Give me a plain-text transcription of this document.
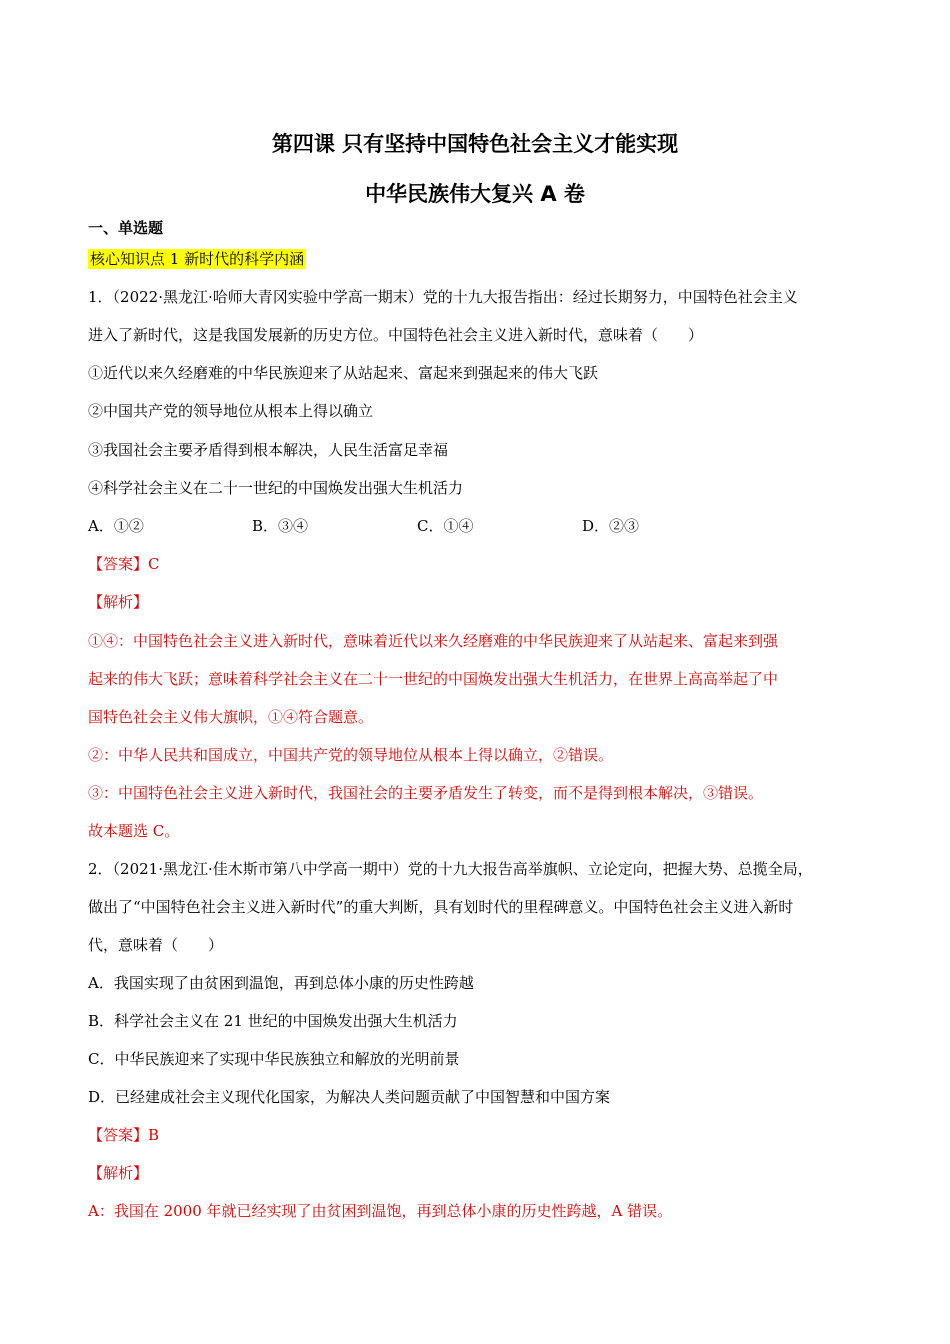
第四课 只有坚持中国特色社会主义才能实现
中华民族伟大复兴 A 卷
一、单选题
核心知识点 1 新时代的科学内涵
1．（2022·黑龙江·哈师大青冈实验中学高一期末）党的十九大报告指出：经过长期努力，中国特色社会主义
进入了新时代，这是我国发展新的历史方位。中国特色社会主义进入新时代，意味着（　　）
①近代以来久经磨难的中华民族迎来了从站起来、富起来到强起来的伟大飞跃
②中国共产党的领导地位从根本上得以确立
③我国社会主要矛盾得到根本解决，人民生活富足幸福
④科学社会主义在二十一世纪的中国焕发出强大生机活力
A．①②	B．③④	C．①④	D．②③
【答案】C
【解析】
①④：中国特色社会主义进入新时代，意味着近代以来久经磨难的中华民族迎来了从站起来、富起来到强
起来的伟大飞跃；意味着科学社会主义在二十一世纪的中国焕发出强大生机活力，在世界上高高举起了中
国特色社会主义伟大旗帜，①④符合题意。
②：中华人民共和国成立，中国共产党的领导地位从根本上得以确立，②错误。
③：中国特色社会主义进入新时代，我国社会的主要矛盾发生了转变，而不是得到根本解决，③错误。
故本题选 C。
2．（2021·黑龙江·佳木斯市第八中学高一期中）党的十九大报告高举旗帜、立论定向，把握大势、总揽全局，
做出了“中国特色社会主义进入新时代”的重大判断，具有划时代的里程碑意义。中国特色社会主义进入新时
代，意味着（　　）
A．我国实现了由贫困到温饱，再到总体小康的历史性跨越
B．科学社会主义在 21 世纪的中国焕发出强大生机活力
C．中华民族迎来了实现中华民族独立和解放的光明前景
D．已经建成社会主义现代化国家，为解决人类问题贡献了中国智慧和中国方案
【答案】B
【解析】
A：我国在 2000 年就已经实现了由贫困到温饱，再到总体小康的历史性跨越，A 错误。
